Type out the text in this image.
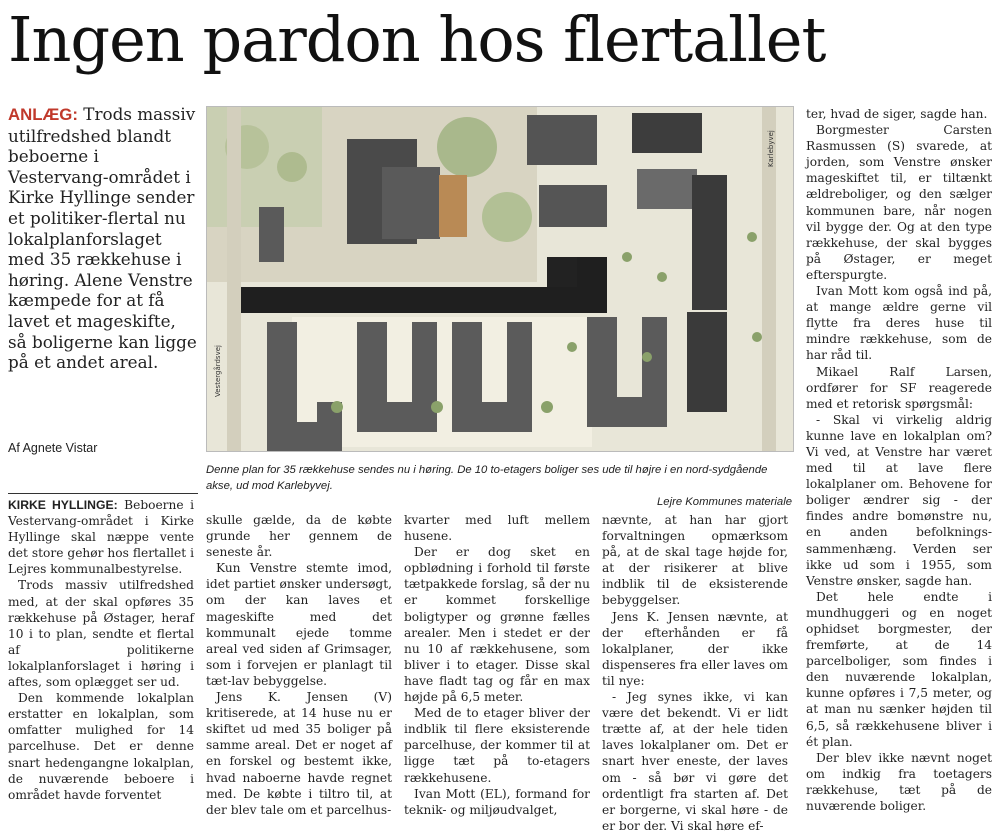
Ingen pardon hos flertallet
ANLÆG: Trods massiv utilfredshed blandt beboerne i Vestervang-området i Kirke Hyllinge sender et politiker-flertal nu lokalplanforslaget med 35 rækkehuse i høring. Alene Venstre kæmpede for at få lavet et mageskifte, så boligerne kan ligge på et andet areal.
Af Agnete Vistar
Vestergårdsvej
Karlebyvej
Denne plan for 35 rækkehuse sendes nu i høring. De 10 to-etagers boliger ses ude til højre i en nord-sydgående akse, ud mod Karlebyvej.
Lejre Kommunes materiale

KIRKE HYLLINGE: Beboerne i Vestervang-området i Kirke Hyllinge skal næppe vente det store gehør hos flertallet i Lejres kommunalbestyrelse.

Trods massiv utilfredshed med, at der skal opføres 35 rækkehuse på Østager, heraf 10 i to plan, sendte et flertal af politikerne lokalplanforslaget i høring i aftes, som oplægget ser ud.

Den kommende lokalplan erstatter en lokalplan, som omfatter mulighed for 14 parcelhuse. Det er denne snart hedengangne lokalplan, de nuværende beboere i området havde forventet

skulle gælde, da de købte grunde her gennem de seneste år.

Kun Venstre stemte imod, idet partiet ønsker undersøgt, om der kan laves et mageskifte med det kommunalt ejede tomme areal ved siden af Grimsager, som i forvejen er planlagt til tæt-lav bebyggelse.

Jens K. Jensen (V) kritiserede, at 14 huse nu er skiftet ud med 35 boliger på samme areal. Det er noget af en forskel og bestemt ikke, hvad naboerne havde regnet med. De købte i tiltro til, at der blev tale om et parcelhus-

kvarter med luft mellem husene.

Der er dog sket en opblødning i forhold til første tætpakkede forslag, så der nu er kommet forskellige boligtyper og grønne fælles arealer. Men i stedet er der nu 10 af rækkehusene, som bliver i to etager. Disse skal have fladt tag og får en max højde på 6,5 meter.

Med de to etager bliver der indblik til flere eksisterende parcelhuse, der kommer til at ligge tæt på to-etagers rækkehusene.

Ivan Mott (EL), formand for teknik- og miljøudvalget,

nævnte, at han har gjort forvaltningen opmærksom på, at de skal tage højde for, at der risikerer at blive indblik til de eksisterende bebyggelser.

Jens K. Jensen nævnte, at der efterhånden er få lokalplaner, der ikke dispenseres fra eller laves om til nye:

- Jeg synes ikke, vi kan være det bekendt. Vi er lidt trætte af, at der hele tiden laves lokalplaner om. Det er snart hver eneste, der laves om - så bør vi gøre det ordentligt fra starten af. Det er borgerne, vi skal høre - de er bor der. Vi skal høre ef-

ter, hvad de siger, sagde han.

Borgmester Carsten Rasmussen (S) svarede, at jorden, som Venstre ønsker mageskiftet til, er tiltænkt ældreboliger, og den sælger kommunen bare, når nogen vil bygge der. Og at den type rækkehuse, der skal bygges på Østager, er meget efterspurgte.

Ivan Mott kom også ind på, at mange ældre gerne vil flytte fra deres huse til mindre rækkehuse, som de har råd til.

Mikael Ralf Larsen, ordfører for SF reagerede med et retorisk spørgsmål:

- Skal vi virkelig aldrig kunne lave en lokalplan om? Vi ved, at Venstre har været med til at lave flere lokalplaner om. Behovene for boliger ændrer sig - der findes andre bomønstre nu, en anden befolknings-sammenhæng. Verden ser ikke ud som i 1955, som Venstre ønsker, sagde han.

Det hele endte i mundhuggeri og en noget ophidset borgmester, der fremførte, at de 14 parcelboliger, som findes i den nuværende lokalplan, kunne opføres i 7,5 meter, og at man nu sænker højden til 6,5, så rækkehusene bliver i ét plan.

Der blev ikke nævnt noget om indkig fra toetagers rækkehuse, tæt på de nuværende boliger.
